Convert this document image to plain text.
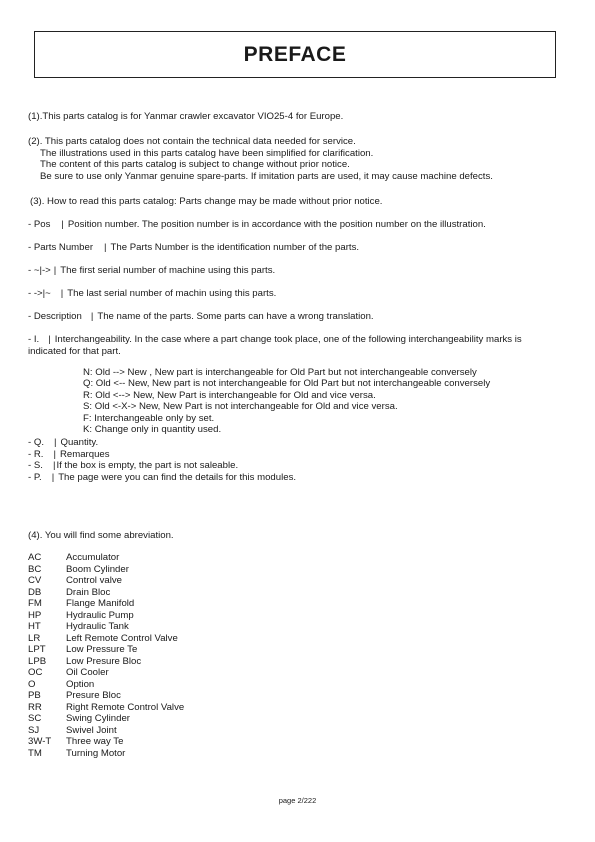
PREFACE
(1).This parts catalog is for Yanmar crawler excavator VIO25-4 for Europe.
(2). This parts catalog does not contain the technical data needed for service.
The illustrations used in this parts catalog have been simplified for clarification.
The content of this parts catalog is subject to change without prior notice.
Be sure to use only Yanmar genuine spare-parts. If imitation parts are used, it may cause machine defects.
(3). How to read this parts catalog: Parts change may be made without prior notice.
- Pos | Position number. The position number is in accordance with the position number on the illustration.
- Parts Number | The Parts Number is the identification number of the parts.
- ~|-> | The first serial number of machine using this parts.
- ->|~ | The last serial number of machin using this parts.
- Description | The name of the parts. Some parts can have a wrong translation.
- I. | Interchangeability. In the case where a part change took place, one of the following interchangeability marks is
indicated for that part.
N: Old --> New , New part is interchangeable for Old Part but not interchangeable conversely
Q: Old <-- New, New part is not interchangeable for Old Part but not interchangeable conversely
R: Old <--> New, New Part is interchangeable for Old and vice versa.
S: Old <-X-> New, New Part is not interchangeable for Old and vice versa.
F: Interchangeable only by set.
K: Change only in quantity used.
- Q. | Quantity.
- R. | Remarques
- S. |If the box is empty, the part is not saleable.
- P. | The page were you can find the details for this modules.
(4). You will find some abreviation.
AC	Accumulator
BC	Boom Cylinder
CV	Control valve
DB	Drain Bloc
FM	Flange Manifold
HP	Hydraulic Pump
HT	Hydraulic Tank
LR	Left Remote Control Valve
LPT Low Pressure Te
LPB Low Presure Bloc
OC Oil Cooler
O	Option
PB	Presure Bloc
RR	Right Remote Control Valve
SC	Swing Cylinder
SJ	Swivel Joint
3W-T Three way Te
TM	Turning Motor
page 2/222
